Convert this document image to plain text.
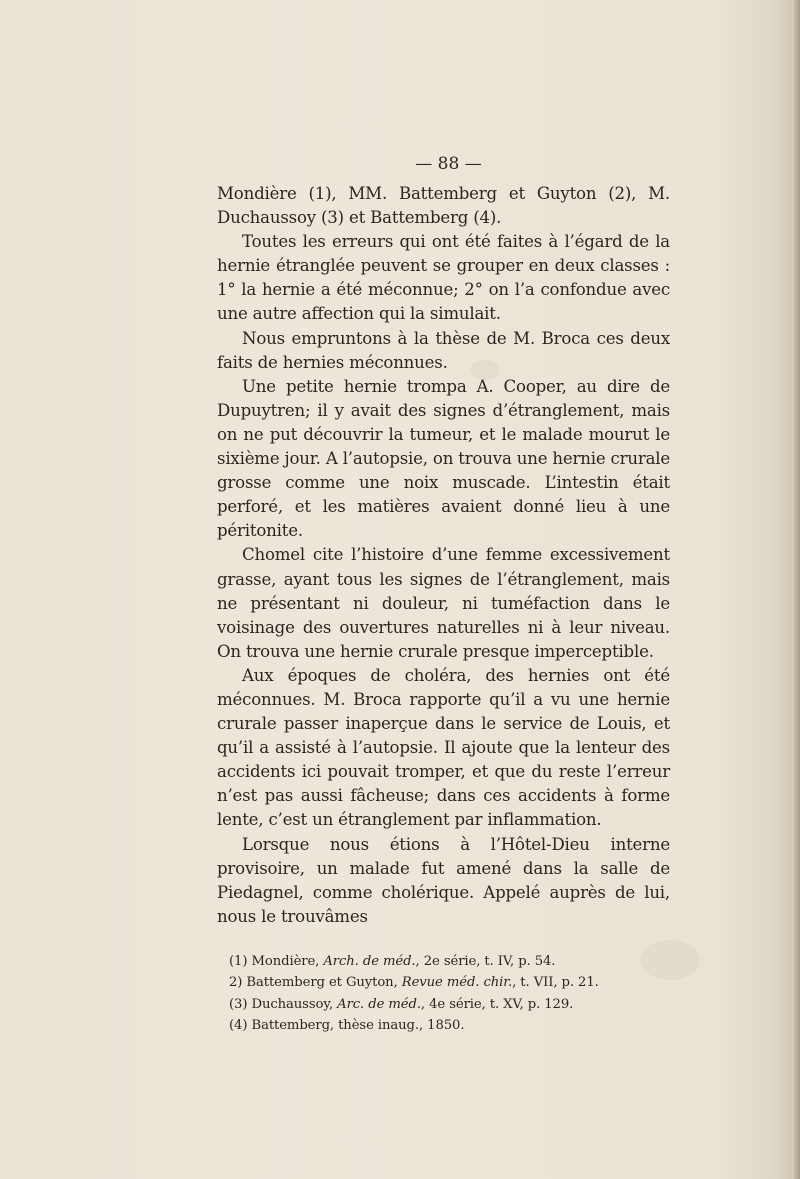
— 88 —

Mondière (1), MM. Battemberg et Guyton (2), M. Duchaussoy (3) et Battemberg (4).

Toutes les erreurs qui ont été faites à l’égard de la hernie étranglée peuvent se grouper en deux classes : 1° la hernie a été méconnue; 2° on l’a confondue avec une autre affection qui la simulait.

Nous empruntons à la thèse de M. Broca ces deux faits de hernies méconnues.

Une petite hernie trompa A. Cooper, au dire de Dupuytren; il y avait des signes d’étranglement, mais on ne put découvrir la tumeur, et le malade mourut le sixième jour. A l’autopsie, on trouva une hernie crurale grosse comme une noix muscade. L’intestin était perforé, et les matières avaient donné lieu à une péritonite.

Chomel cite l’histoire d’une femme excessivement grasse, ayant tous les signes de l’étranglement, mais ne présentant ni douleur, ni tuméfaction dans le voisinage des ouvertures naturelles ni à leur niveau. On trouva une hernie crurale presque imperceptible.

Aux époques de choléra, des hernies ont été méconnues. M. Broca rapporte qu’il a vu une hernie crurale passer inaperçue dans le service de Louis, et qu’il a assisté à l’autopsie. Il ajoute que la lenteur des accidents ici pouvait tromper, et que du reste l’erreur n’est pas aussi fâcheuse; dans ces accidents à forme lente, c’est un étranglement par inflammation.

Lorsque nous étions à l’Hôtel-Dieu interne provisoire, un malade fut amené dans la salle de Piedagnel, comme cholérique. Appelé auprès de lui, nous le trouvâmes

(1) Mondière, Arch. de méd., 2e série, t. IV, p. 54.
2) Battemberg et Guyton, Revue méd. chir., t. VII, p. 21.
(3) Duchaussoy, Arc. de méd., 4e série, t. XV, p. 129.
(4) Battemberg, thèse inaug., 1850.
